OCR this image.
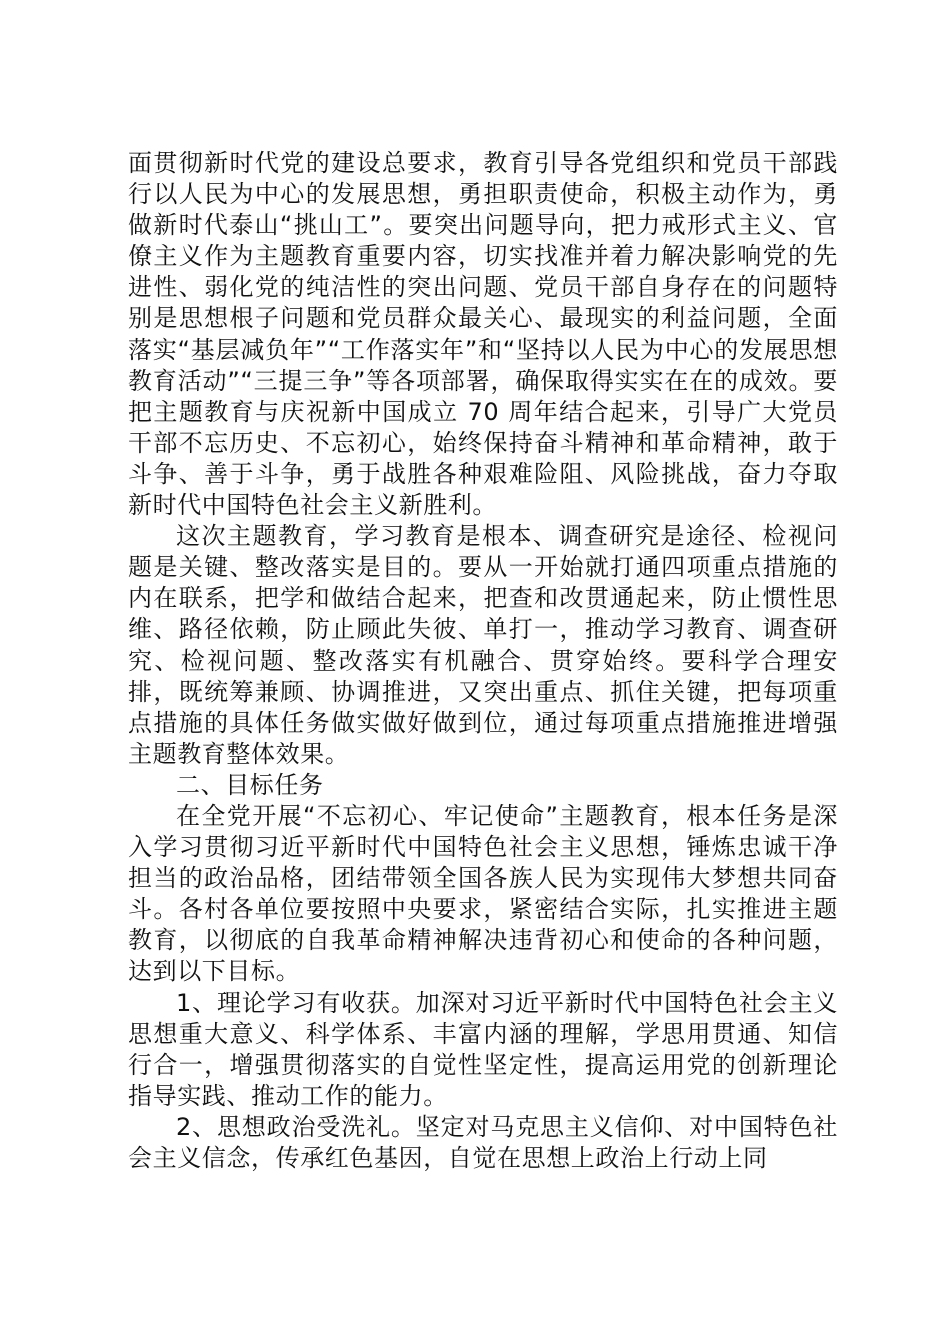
面贯彻新时代党的建设总要求，教育引导各党组织和党员干部践行以人民为中心的发展思想，勇担职责使命，积极主动作为，勇做新时代泰山“挑山工”。要突出问题导向，把力戒形式主义、官僚主义作为主题教育重要内容，切实找准并着力解决影响党的先进性、弱化党的纯洁性的突出问题、党员干部自身存在的问题特别是思想根子问题和党员群众最关心、最现实的利益问题，全面落实“基层减负年”“工作落实年”和“坚持以人民为中心的发展思想教育活动”“三提三争”等各项部署，确保取得实实在在的成效。要把主题教育与庆祝新中国成立 70 周年结合起来，引导广大党员干部不忘历史、不忘初心，始终保持奋斗精神和革命精神，敢于斗争、善于斗争，勇于战胜各种艰难险阻、风险挑战，奋力夺取新时代中国特色社会主义新胜利。

这次主题教育，学习教育是根本、调查研究是途径、检视问题是关键、整改落实是目的。要从一开始就打通四项重点措施的内在联系，把学和做结合起来，把查和改贯通起来，防止惯性思维、路径依赖，防止顾此失彼、单打一，推动学习教育、调查研究、检视问题、整改落实有机融合、贯穿始终。要科学合理安排，既统筹兼顾、协调推进，又突出重点、抓住关键，把每项重点措施的具体任务做实做好做到位，通过每项重点措施推进增强主题教育整体效果。

二、目标任务

在全党开展“不忘初心、牢记使命”主题教育，根本任务是深入学习贯彻习近平新时代中国特色社会主义思想，锤炼忠诚干净担当的政治品格，团结带领全国各族人民为实现伟大梦想共同奋斗。各村各单位要按照中央要求，紧密结合实际，扎实推进主题教育，以彻底的自我革命精神解决违背初心和使命的各种问题，达到以下目标。

1、理论学习有收获。加深对习近平新时代中国特色社会主义思想重大意义、科学体系、丰富内涵的理解，学思用贯通、知信行合一，增强贯彻落实的自觉性坚定性，提高运用党的创新理论指导实践、推动工作的能力。

2、思想政治受洗礼。坚定对马克思主义信仰、对中国特色社会主义信念，传承红色基因，自觉在思想上政治上行动上同
